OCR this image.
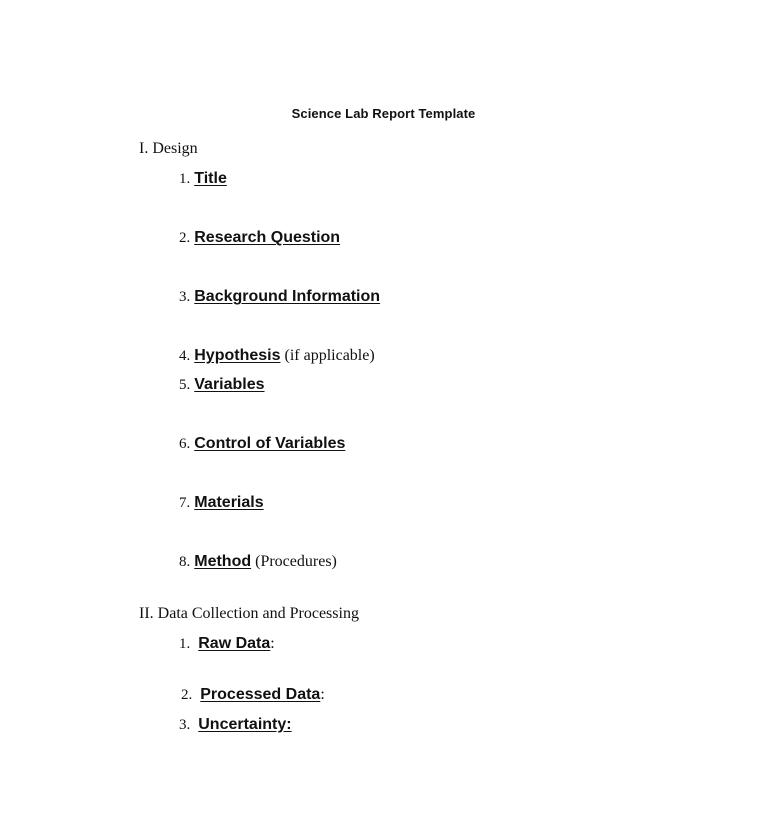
Science Lab Report Template
I. Design
1. Title
2. Research Question
3. Background Information
4. Hypothesis (if applicable)
5. Variables
6. Control of Variables
7. Materials
8. Method (Procedures)
II. Data Collection and Processing
1. Raw Data:
2. Processed Data:
3. Uncertainty:
